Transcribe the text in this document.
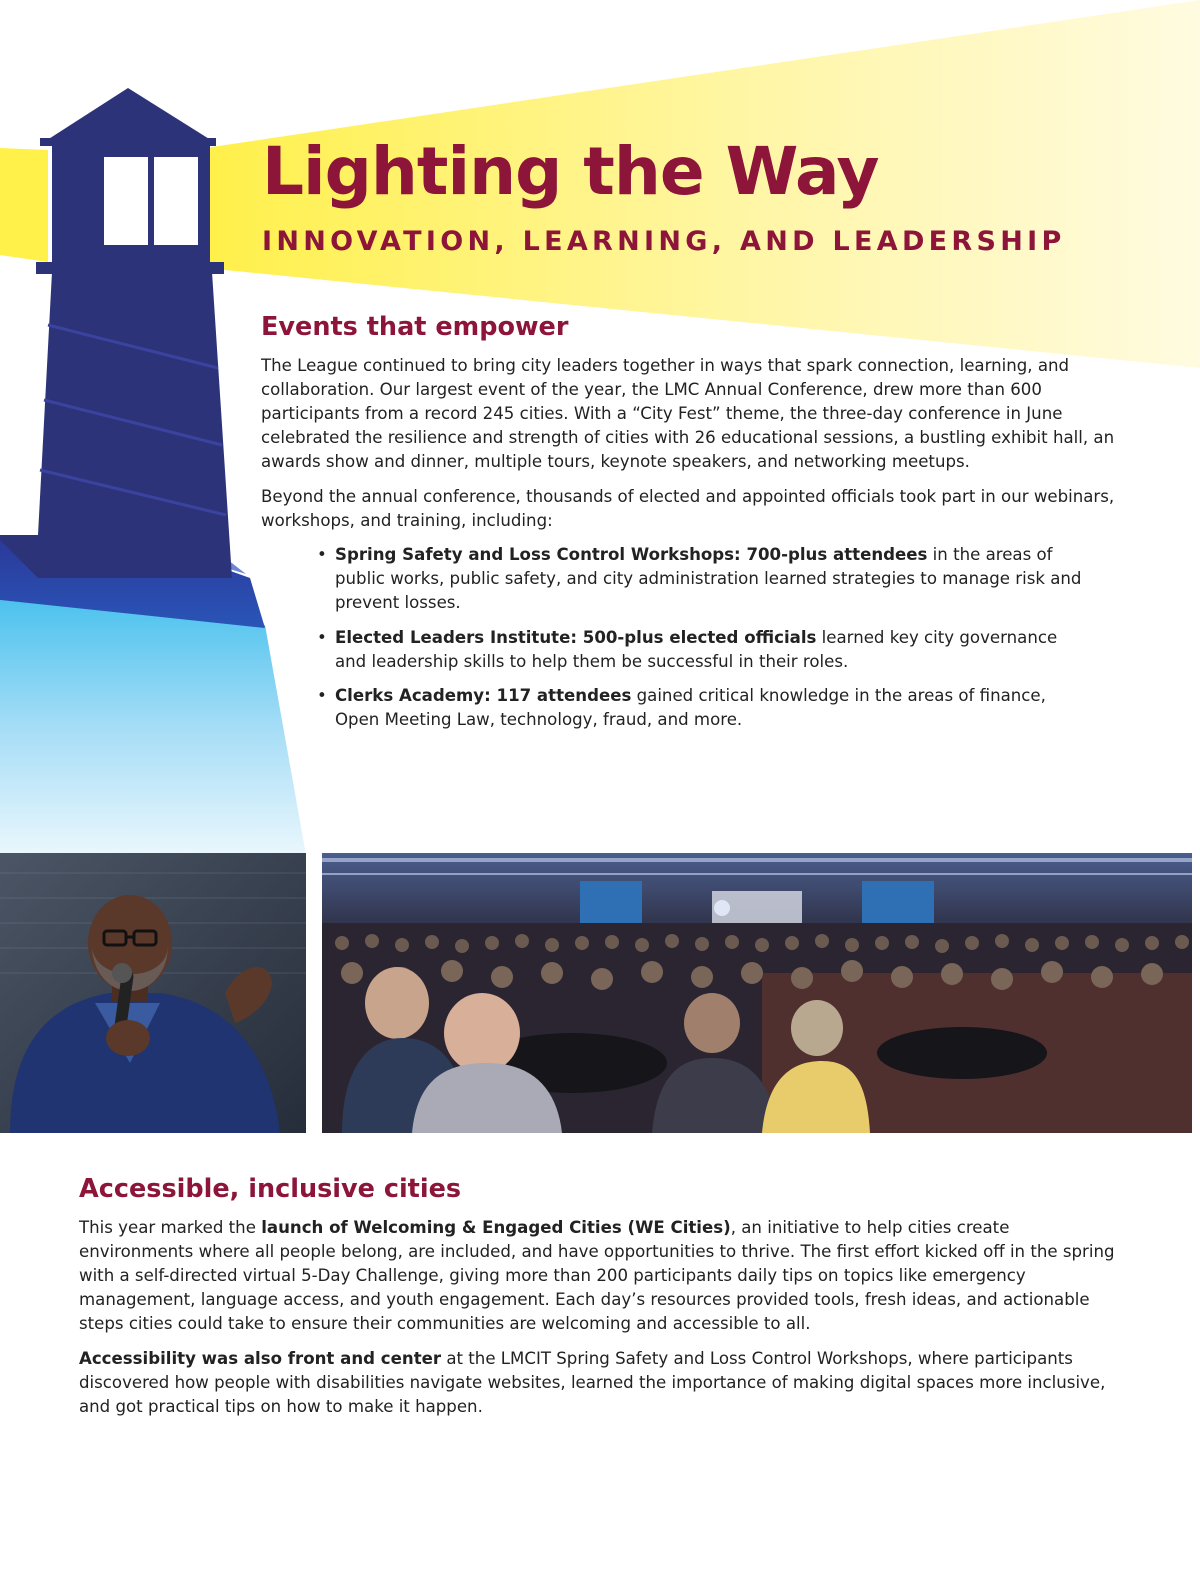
Lighting the Way
INNOVATION, LEARNING, AND LEADERSHIP
Events that empower

The League continued to bring city leaders together in ways that spark connection, learning, and collaboration. Our largest event of the year, the LMC Annual Conference, drew more than 600 participants from a record 245 cities. With a “City Fest” theme, the three-day conference in June celebrated the resilience and strength of cities with 26 educational sessions, a bustling exhibit hall, an awards show and dinner, multiple tours, keynote speakers, and networking meetups.

Beyond the annual conference, thousands of elected and appointed officials took part in our webinars, workshops, and training, including:

• Spring Safety and Loss Control Workshops: 700-plus attendees in the areas of public works, public safety, and city administration learned strategies to manage risk and prevent losses.
• Elected Leaders Institute: 500-plus elected officials learned key city governance and leadership skills to help them be successful in their roles.
• Clerks Academy: 117 attendees gained critical knowledge in the areas of finance, Open Meeting Law, technology, fraud, and more.
Accessible, inclusive cities

This year marked the launch of Welcoming & Engaged Cities (WE Cities), an initiative to help cities create environments where all people belong, are included, and have opportunities to thrive. The first effort kicked off in the spring with a self-directed virtual 5-Day Challenge, giving more than 200 participants daily tips on topics like emergency management, language access, and youth engagement. Each day’s resources provided tools, fresh ideas, and actionable steps cities could take to ensure their communities are welcoming and accessible to all.

Accessibility was also front and center at the LMCIT Spring Safety and Loss Control Workshops, where participants discovered how people with disabilities navigate websites, learned the importance of making digital spaces more inclusive, and got practical tips on how to make it happen.
